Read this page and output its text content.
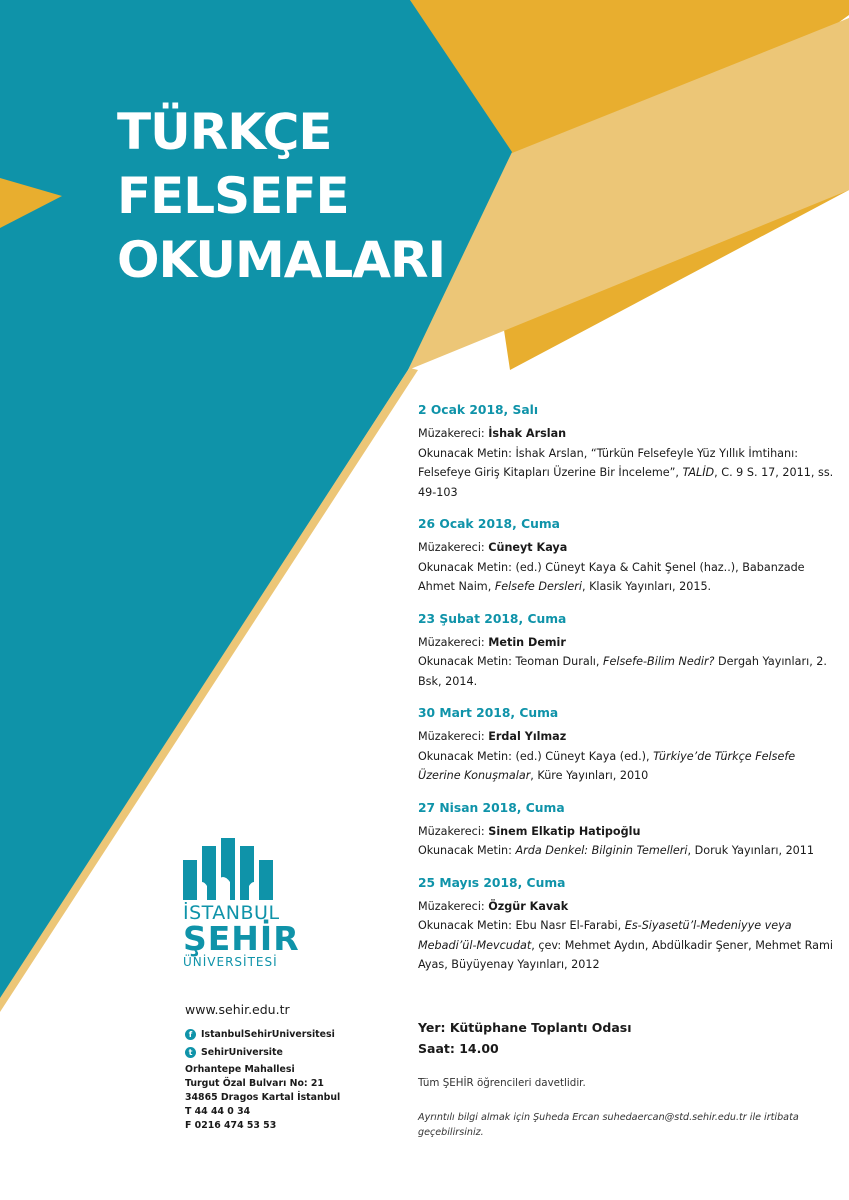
TÜRKÇE
FELSEFE
OKUMALARI
2 Ocak 2018, Salı
Müzakereci: İshak Arslan
Okunacak Metin: İshak Arslan, “Türkün Felsefeyle Yüz Yıllık İmtihanı: Felsefeye Giriş Kitapları Üzerine Bir İnceleme”, TALİD, C. 9 S. 17, 2011, ss. 49-103
26 Ocak 2018, Cuma
Müzakereci: Cüneyt Kaya
Okunacak Metin: (ed.) Cüneyt Kaya & Cahit Şenel (haz..), Babanzade Ahmet Naim, Felsefe Dersleri, Klasik Yayınları, 2015.
23 Şubat 2018, Cuma
Müzakereci: Metin Demir
Okunacak Metin: Teoman Duralı, Felsefe-Bilim Nedir? Dergah Yayınları, 2. Bsk, 2014.
30 Mart 2018, Cuma
Müzakereci: Erdal Yılmaz
Okunacak Metin: (ed.) Cüneyt Kaya (ed.), Türkiye’de Türkçe Felsefe Üzerine Konuşmalar, Küre Yayınları, 2010
27 Nisan 2018, Cuma
Müzakereci: Sinem Elkatip Hatipoğlu
Okunacak Metin: Arda Denkel: Bilginin Temelleri, Doruk Yayınları, 2011
25 Mayıs 2018, Cuma
Müzakereci: Özgür Kavak
Okunacak Metin: Ebu Nasr El-Farabi, Es-Siyasetü’l-Medeniyye veya Mebadi’ül-Mevcudat, çev: Mehmet Aydın, Abdülkadir Şener, Mehmet Rami Ayas, Büyüyenay Yayınları, 2012
Yer: Kütüphane Toplantı Odası
Saat: 14.00
Tüm ŞEHİR öğrencileri davetlidir.
Ayrıntılı bilgi almak için Şuheda Ercan suhedaercan@std.sehir.edu.tr ile irtibata geçebilirsiniz.
İSTANBUL
ŞEHİR
ÜNİVERSİTESİ
www.sehir.edu.tr
f IstanbulSehirUniversitesi
t SehirUniversite
Orhantepe Mahallesi
Turgut Özal Bulvarı No: 21
34865 Dragos Kartal İstanbul
T 44 44 0 34
F 0216 474 53 53
